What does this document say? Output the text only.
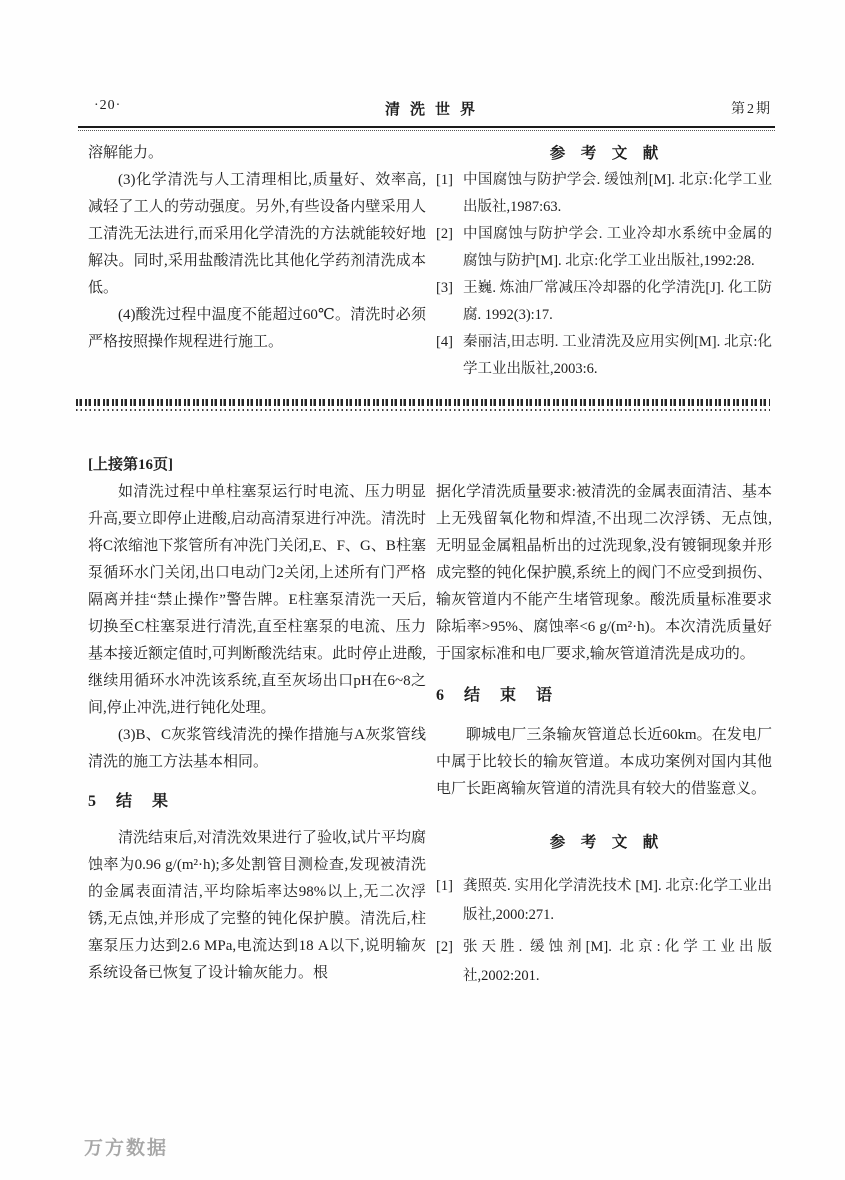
·20·	清洗世界	第2期

溶解能力。

(3)化学清洗与人工清理相比,质量好、效率高,减轻了工人的劳动强度。另外,有些设备内壁采用人工清洗无法进行,而采用化学清洗的方法就能较好地解决。同时,采用盐酸清洗比其他化学药剂清洗成本低。
(4)酸洗过程中温度不能超过60℃。清洗时必须严格按照操作规程进行施工。

参　考　文　献

[1] 中国腐蚀与防护学会. 缓蚀剂[M]. 北京:化学工业出版社,1987:63.
[2] 中国腐蚀与防护学会. 工业冷却水系统中金属的腐蚀与防护[M]. 北京:化学工业出版社,1992:28.
[3] 王巍. 炼油厂常减压冷却器的化学清洗[J]. 化工防腐. 1992(3):17.
[4] 秦丽洁,田志明. 工业清洗及应用实例[M]. 北京:化学工业出版社,2003:6.

[上接第16页]

如清洗过程中单柱塞泵运行时电流、压力明显升高,要立即停止进酸,启动高清泵进行冲洗。清洗时将C浓缩池下浆管所有冲洗门关闭,E、F、G、B柱塞泵循环水门关闭,出口电动门2关闭,上述所有门严格隔离并挂“禁止操作”警告牌。E柱塞泵清洗一天后,切换至C柱塞泵进行清洗,直至柱塞泵的电流、压力基本接近额定值时,可判断酸洗结束。此时停止进酸,继续用循环水冲洗该系统,直至灰场出口pH在6~8之间,停止冲洗,进行钝化处理。
(3)B、C灰浆管线清洗的操作措施与A灰浆管线清洗的施工方法基本相同。

5　结　果

清洗结束后,对清洗效果进行了验收,试片平均腐蚀率为0.96 g/(m²·h);多处割管目测检查,发现被清洗的金属表面清洁,平均除垢率达98%以上,无二次浮锈,无点蚀,并形成了完整的钝化保护膜。清洗后,柱塞泵压力达到2.6 MPa,电流达到18 A以下,说明输灰系统设备已恢复了设计输灰能力。根

据化学清洗质量要求:被清洗的金属表面清洁、基本上无残留氧化物和焊渣,不出现二次浮锈、无点蚀,无明显金属粗晶析出的过洗现象,没有镀铜现象并形成完整的钝化保护膜,系统上的阀门不应受到损伤、输灰管道内不能产生堵管现象。酸洗质量标准要求除垢率>95%、腐蚀率<6 g/(m²·h)。本次清洗质量好于国家标准和电厂要求,输灰管道清洗是成功的。

6　结　束　语

聊城电厂三条输灰管道总长近60km。在发电厂中属于比较长的输灰管道。本成功案例对国内其他电厂长距离输灰管道的清洗具有较大的借鉴意义。

参　考　文　献

[1] 龚照英. 实用化学清洗技术 [M]. 北京:化学工业出版社,2000:271.
[2] 张天胜. 缓蚀剂[M]. 北京:化学工业出版社,2002:201.
万方数据
